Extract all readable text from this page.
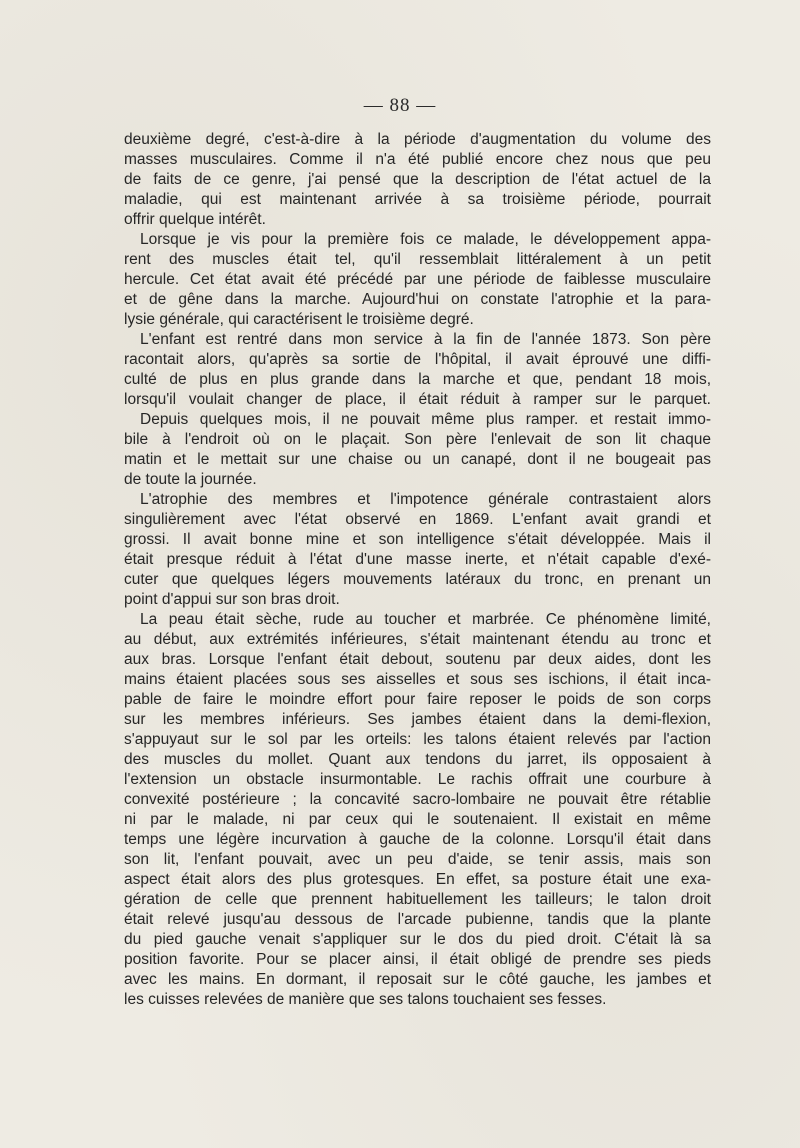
— 88 —
deuxième degré, c'est-à-dire à la période d'augmentation du volume des
masses musculaires. Comme il n'a été publié encore chez nous que peu
de faits de ce genre, j'ai pensé que la description de l'état actuel de la
maladie, qui est maintenant arrivée à sa troisième période, pourrait
offrir quelque intérêt.
Lorsque je vis pour la première fois ce malade, le développement appa-
rent des muscles était tel, qu'il ressemblait littéralement à un petit
hercule. Cet état avait été précédé par une période de faiblesse musculaire
et de gêne dans la marche. Aujourd'hui on constate l'atrophie et la para-
lysie générale, qui caractérisent le troisième degré.
L'enfant est rentré dans mon service à la fin de l'année 1873. Son père
racontait alors, qu'après sa sortie de l'hôpital, il avait éprouvé une diffi-
culté de plus en plus grande dans la marche et que, pendant 18 mois,
lorsqu'il voulait changer de place, il était réduit à ramper sur le parquet.
Depuis quelques mois, il ne pouvait même plus ramper. et restait immo-
bile à l'endroit où on le plaçait. Son père l'enlevait de son lit chaque
matin et le mettait sur une chaise ou un canapé, dont il ne bougeait pas
de toute la journée.
L'atrophie des membres et l'impotence générale contrastaient alors
singulièrement avec l'état observé en 1869. L'enfant avait grandi et
grossi. Il avait bonne mine et son intelligence s'était développée. Mais il
était presque réduit à l'état d'une masse inerte, et n'était capable d'exé-
cuter que quelques légers mouvements latéraux du tronc, en prenant un
point d'appui sur son bras droit.
La peau était sèche, rude au toucher et marbrée. Ce phénomène limité,
au début, aux extrémités inférieures, s'était maintenant étendu au tronc et
aux bras. Lorsque l'enfant était debout, soutenu par deux aides, dont les
mains étaient placées sous ses aisselles et sous ses ischions, il était inca-
pable de faire le moindre effort pour faire reposer le poids de son corps
sur les membres inférieurs. Ses jambes étaient dans la demi-flexion,
s'appuyaut sur le sol par les orteils: les talons étaient relevés par l'action
des muscles du mollet. Quant aux tendons du jarret, ils opposaient à
l'extension un obstacle insurmontable. Le rachis offrait une courbure à
convexité postérieure ; la concavité sacro-lombaire ne pouvait être rétablie
ni par le malade, ni par ceux qui le soutenaient. Il existait en même
temps une légère incurvation à gauche de la colonne. Lorsqu'il était dans
son lit, l'enfant pouvait, avec un peu d'aide, se tenir assis, mais son
aspect était alors des plus grotesques. En effet, sa posture était une exa-
gération de celle que prennent habituellement les tailleurs; le talon droit
était relevé jusqu'au dessous de l'arcade pubienne, tandis que la plante
du pied gauche venait s'appliquer sur le dos du pied droit. C'était là sa
position favorite. Pour se placer ainsi, il était obligé de prendre ses pieds
avec les mains. En dormant, il reposait sur le côté gauche, les jambes et
les cuisses relevées de manière que ses talons touchaient ses fesses.
